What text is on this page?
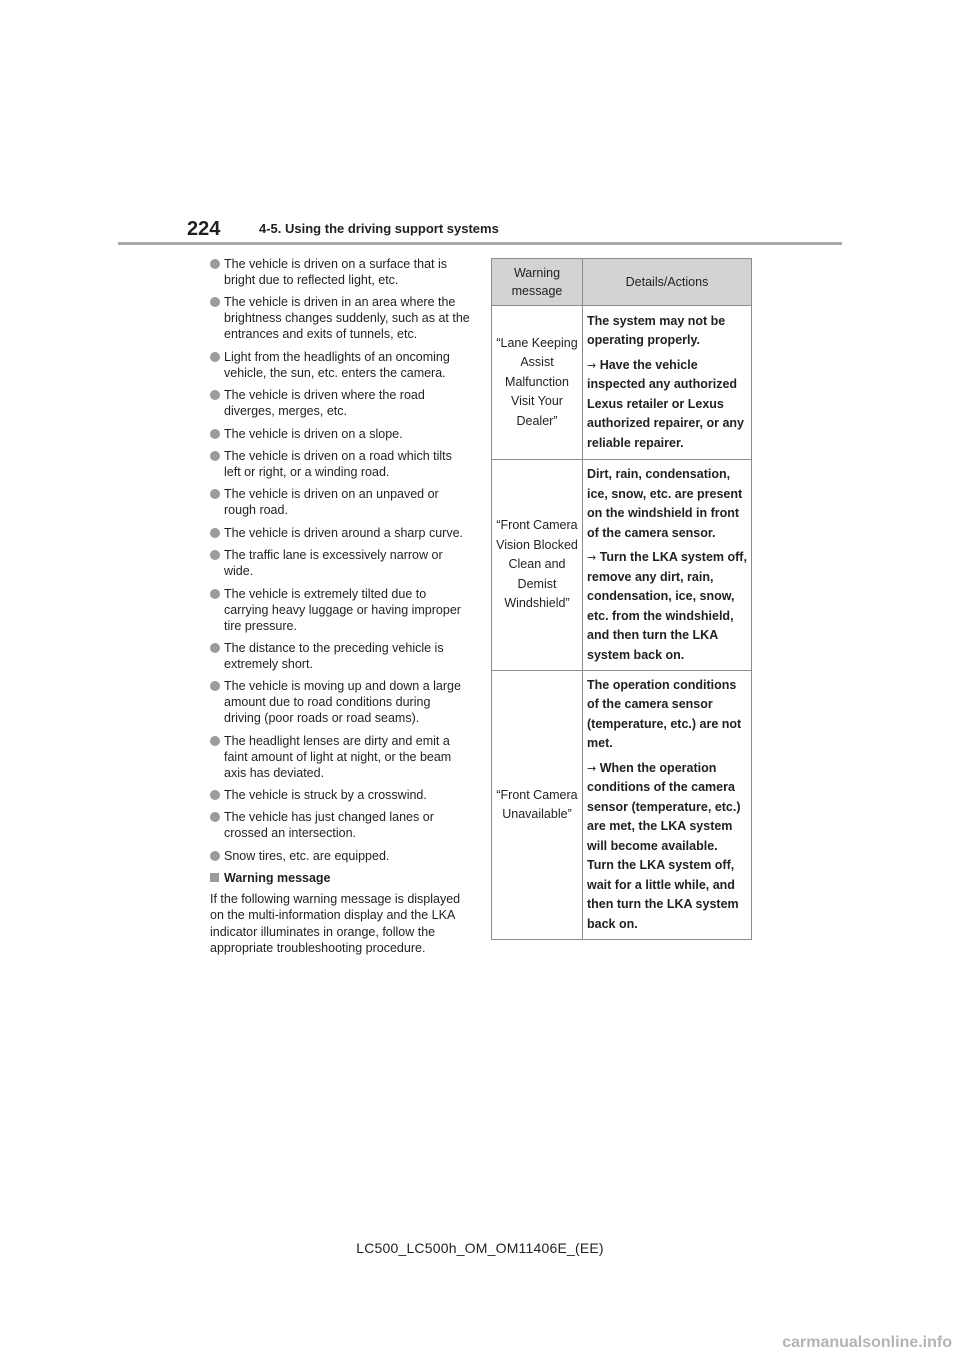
224	4-5. Using the driving support systems
The vehicle is driven on a surface that is bright due to reflected light, etc.
The vehicle is driven in an area where the brightness changes suddenly, such as at the entrances and exits of tunnels, etc.
Light from the headlights of an oncoming vehicle, the sun, etc. enters the camera.
The vehicle is driven where the road diverges, merges, etc.
The vehicle is driven on a slope.
The vehicle is driven on a road which tilts left or right, or a winding road.
The vehicle is driven on an unpaved or rough road.
The vehicle is driven around a sharp curve.
The traffic lane is excessively narrow or wide.
The vehicle is extremely tilted due to carrying heavy luggage or having improper tire pressure.
The distance to the preceding vehicle is extremely short.
The vehicle is moving up and down a large amount due to road conditions during driving (poor roads or road seams).
The headlight lenses are dirty and emit a faint amount of light at night, or the beam axis has deviated.
The vehicle is struck by a crosswind.
The vehicle has just changed lanes or crossed an intersection.
Snow tires, etc. are equipped.
Warning message

If the following warning message is displayed on the multi-information display and the LKA indicator illuminates in orange, follow the appropriate troubleshooting procedure.

Warning message	Details/Actions
“Lane Keeping Assist Malfunction Visit Your Dealer”	The system may not be operating properly.

→ Have the vehicle inspected any authorized Lexus retailer or Lexus authorized repairer, or any reliable repairer.

“Front Camera Vision Blocked Clean and Demist Windshield”	Dirt, rain, condensation, ice, snow, etc. are present on the windshield in front of the camera sensor.

→ Turn the LKA system off, remove any dirt, rain, condensation, ice, snow, etc. from the windshield, and then turn the LKA system back on.

“Front Camera Unavailable”	The operation conditions of the camera sensor (temperature, etc.) are not met.

→ When the operation conditions of the camera sensor (temperature, etc.) are met, the LKA system will become available. Turn the LKA system off, wait for a little while, and then turn the LKA system back on.

LC500_LC500h_OM_OM11406E_(EE)
carmanualsonline.info
